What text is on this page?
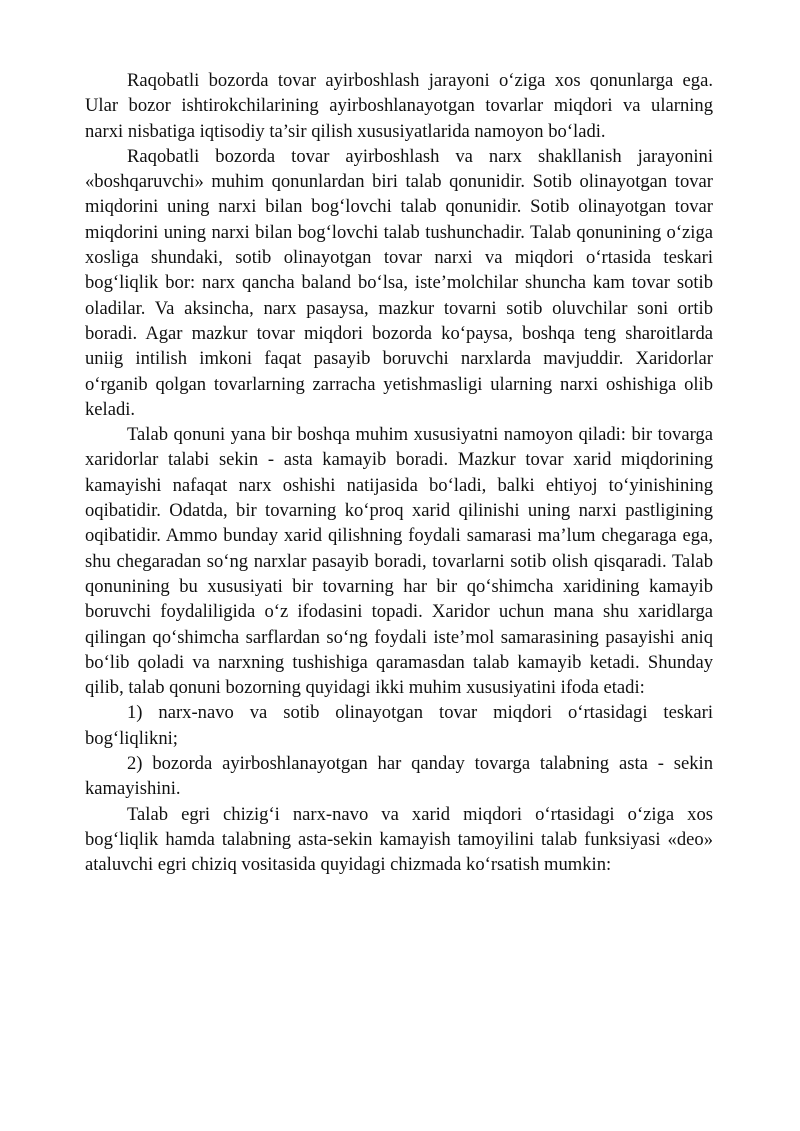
Raqobatli bozorda tovar ayirboshlash jarayoni o‘ziga xos qonunlarga ega. Ular bozor ishtirokchilarining ayirboshlanayotgan tovarlar miqdori va ularning narxi nisbatiga iqtisodiy ta’sir qilish xususiyatlarida namoyon bo‘ladi.

Raqobatli bozorda tovar ayirboshlash va narx shakllanish jarayonini «boshqaruvchi» muhim qonunlardan biri talab qonunidir. Sotib olinayotgan tovar miqdorini uning narxi bilan bog‘lovchi talab qonunidir. Sotib olinayotgan tovar miqdorini uning narxi bilan bog‘lovchi talab tushunchadir. Talab qonunining o‘ziga xosliga shundaki, sotib olinayotgan tovar narxi va miqdori o‘rtasida teskari bog‘liqlik bor: narx qancha baland bo‘lsa, iste’molchilar shuncha kam tovar sotib oladilar. Va aksincha, narx pasaysa, mazkur tovarni sotib oluvchilar soni ortib boradi. Agar mazkur tovar miqdori bozorda ko‘paysa, boshqa teng sharoitlarda uniig intilish imkoni faqat pasayib boruvchi narxlarda mavjuddir. Xaridorlar o‘rganib qolgan tovarlarning zarracha yetishmasligi ularning narxi oshishiga olib keladi.

Talab qonuni yana bir boshqa muhim xususiyatni namoyon qiladi: bir tovarga xaridorlar talabi sekin - asta kamayib boradi. Mazkur tovar xarid miqdorining kamayishi nafaqat narx oshishi natijasida bo‘ladi, balki ehtiyoj to‘yinishining oqibatidir. Odatda, bir tovarning ko‘proq xarid qilinishi uning narxi pastligining oqibatidir. Ammo bunday xarid qilishning foydali samarasi ma’lum chegaraga ega, shu chegaradan so‘ng narxlar pasayib boradi, tovarlarni sotib olish qisqaradi. Talab qonunining bu xususiyati bir tovarning har bir qo‘shimcha xaridining kamayib boruvchi foydaliligida o‘z ifodasini topadi. Xaridor uchun mana shu xaridlarga qilingan qo‘shimcha sarflardan so‘ng foydali iste’mol samarasining pasayishi aniq bo‘lib qoladi va narxning tushishiga qaramasdan talab kamayib ketadi. Shunday qilib, talab qonuni bozorning quyidagi ikki muhim xususiyatini ifoda etadi:

1) narx-navo va sotib olinayotgan tovar miqdori o‘rtasidagi teskari bog‘liqlikni;

2) bozorda ayirboshlanayotgan har qanday tovarga talabning asta - sekin kamayishini.

Talab egri chizig‘i narx-navo va xarid miqdori o‘rtasidagi o‘ziga xos bog‘liqlik hamda talabning asta-sekin kamayish tamoyilini talab funksiyasi «deo» ataluvchi egri chiziq vositasida quyidagi chizmada ko‘rsatish mumkin:
